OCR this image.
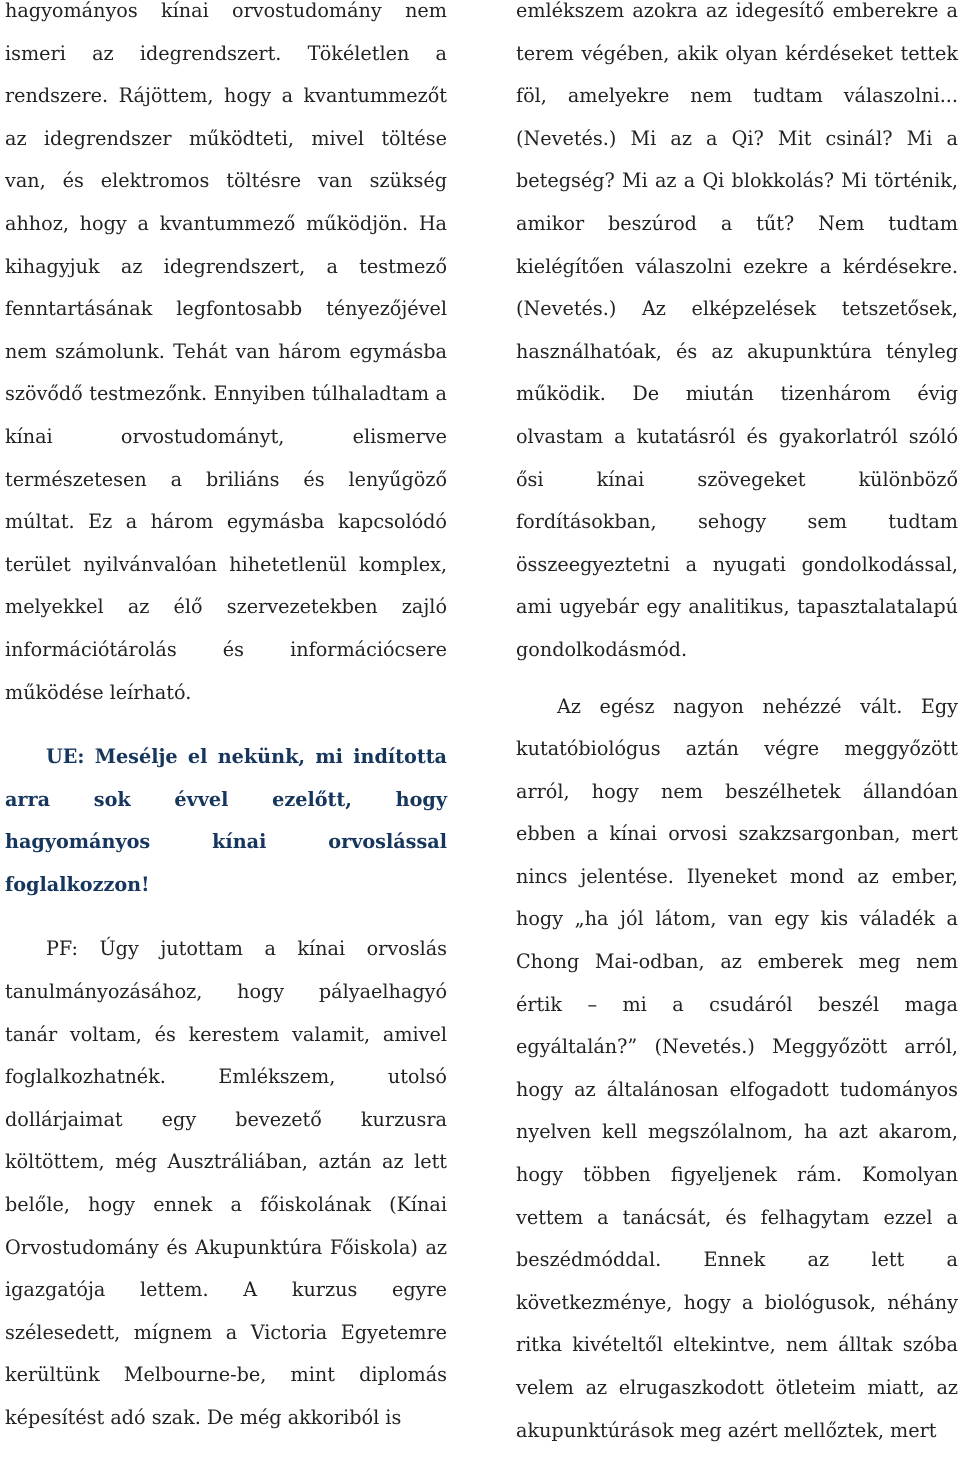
hagyományos kínai orvostudomány nem ismeri az idegrendszert. Tökéletlen a rendszere. Rájöttem, hogy a kvantummezőt az idegrendszer működteti, mivel töltése van, és elektromos töltésre van szükség ahhoz, hogy a kvantummező működjön. Ha kihagyjuk az idegrendszert, a testmező fenntartásának legfontosabb tényezőjével nem számolunk. Tehát van három egymásba szövődő testmezőnk. Ennyiben túlhaladtam a kínai orvostudományt, elismerve természetesen a briliáns és lenyűgöző múltat. Ez a három egymásba kapcsolódó terület nyilvánvalóan hihetetlenül komplex, melyekkel az élő szervezetekben zajló információtárolás és információcsere működése leírható.

UE: Mesélje el nekünk, mi indította arra sok évvel ezelőtt, hogy hagyományos kínai orvoslással foglalkozzon!

PF: Úgy jutottam a kínai orvoslás tanulmányozásához, hogy pályaelhagyó tanár voltam, és kerestem valamit, amivel foglalkozhatnék. Emlékszem, utolsó dollárjaimat egy bevezető kurzusra költöttem, még Ausztráliában, aztán az lett belőle, hogy ennek a főiskolának (Kínai Orvostudomány és Akupunktúra Főiskola) az igazgatója lettem. A kurzus egyre szélesedett, mígnem a Victoria Egyetemre kerültünk Melbourne-be, mint diplomás képesítést adó szak. De még akkoriból is

emlékszem azokra az idegesítő emberekre a terem végében, akik olyan kérdéseket tettek föl, amelyekre nem tudtam válaszolni... (Nevetés.) Mi az a Qi? Mit csinál? Mi a betegség? Mi az a Qi blokkolás? Mi történik, amikor beszúrod a tűt? Nem tudtam kielégítően válaszolni ezekre a kérdésekre. (Nevetés.) Az elképzelések tetszetősek, használhatóak, és az akupunktúra tényleg működik. De miután tizenhárom évig olvastam a kutatásról és gyakorlatról szóló ősi kínai szövegeket különböző fordításokban, sehogy sem tudtam összeegyeztetni a nyugati gondolkodással, ami ugyebár egy analitikus, tapasztalatalapú gondolkodásmód.

Az egész nagyon nehézzé vált. Egy kutatóbiológus aztán végre meggyőzött arról, hogy nem beszélhetek állandóan ebben a kínai orvosi szakzsargonban, mert nincs jelentése. Ilyeneket mond az ember, hogy „ha jól látom, van egy kis váladék a Chong Mai-odban, az emberek meg nem értik – mi a csudáról beszél maga egyáltalán?” (Nevetés.) Meggyőzött arról, hogy az általánosan elfogadott tudományos nyelven kell megszólalnom, ha azt akarom, hogy többen figyeljenek rám. Komolyan vettem a tanácsát, és felhagytam ezzel a beszédmóddal. Ennek az lett a következménye, hogy a biológusok, néhány ritka kivételtől eltekintve, nem álltak szóba velem az elrugaszkodott ötleteim miatt, az akupunktúrások meg azért mellőztek, mert
